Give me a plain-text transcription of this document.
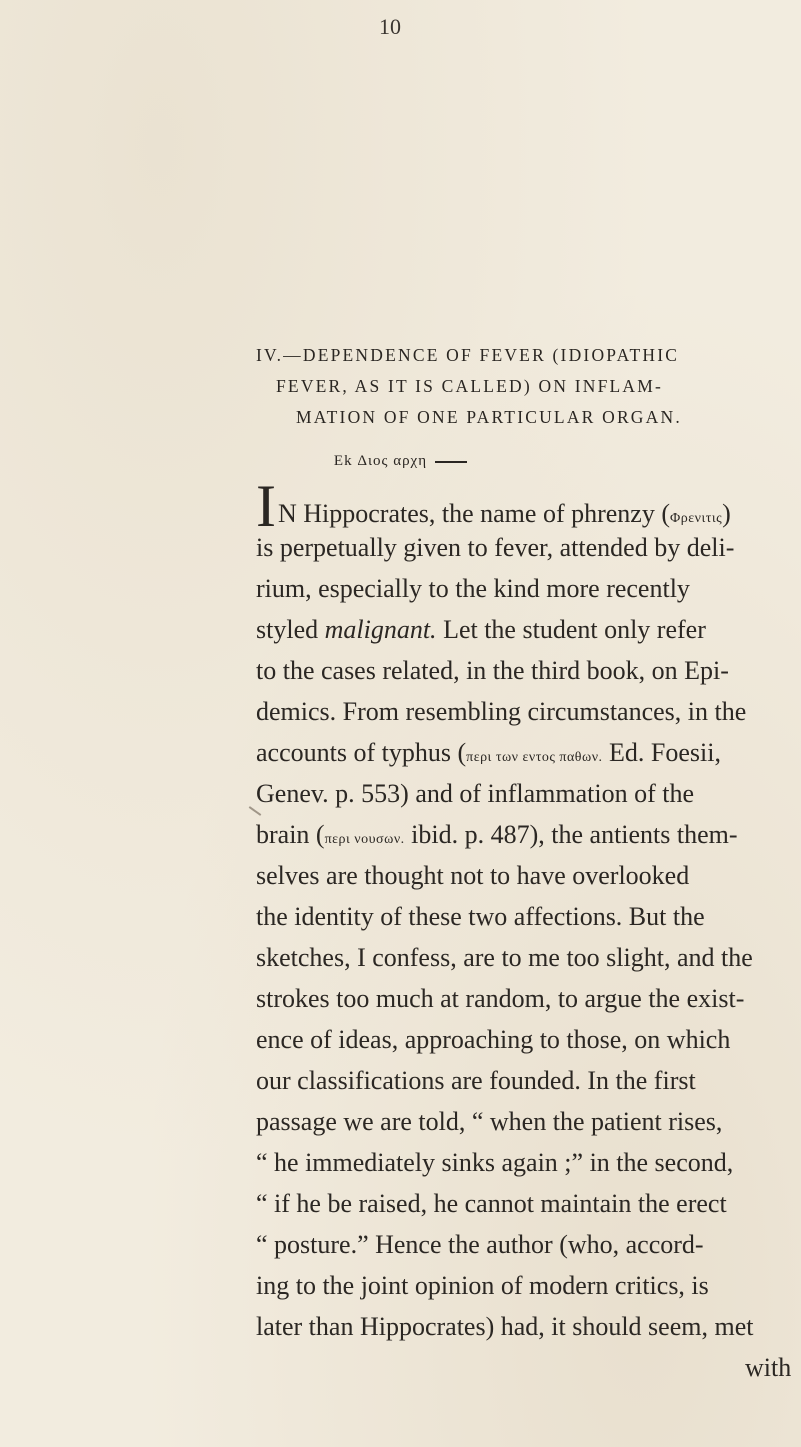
10
IV.—DEPENDENCE OF FEVER (IDIOPATHIC
FEVER, AS IT IS CALLED) ON INFLAM-
MATION OF ONE PARTICULAR ORGAN.
Ek Διος αρχη
IN Hippocrates, the name of phrenzy (Φρενιτις)
is perpetually given to fever, attended by deli-
rium, especially to the kind more recently
styled malignant. Let the student only refer
to the cases related, in the third book, on Epi-
demics. From resembling circumstances, in the
accounts of typhus (περι των εντος παθων. Ed. Foesii,
Genev. p. 553) and of inflammation of the
brain (περι νουσων. ibid. p. 487), the antients them-
selves are thought not to have overlooked
the identity of these two affections. But the
sketches, I confess, are to me too slight, and the
strokes too much at random, to argue the exist-
ence of ideas, approaching to those, on which
our classifications are founded. In the first
passage we are told, “ when the patient rises,
“ he immediately sinks again ;” in the second,
“ if he be raised, he cannot maintain the erect
“ posture.” Hence the author (who, accord-
ing to the joint opinion of modern critics, is
later than Hippocrates) had, it should seem, met
with
